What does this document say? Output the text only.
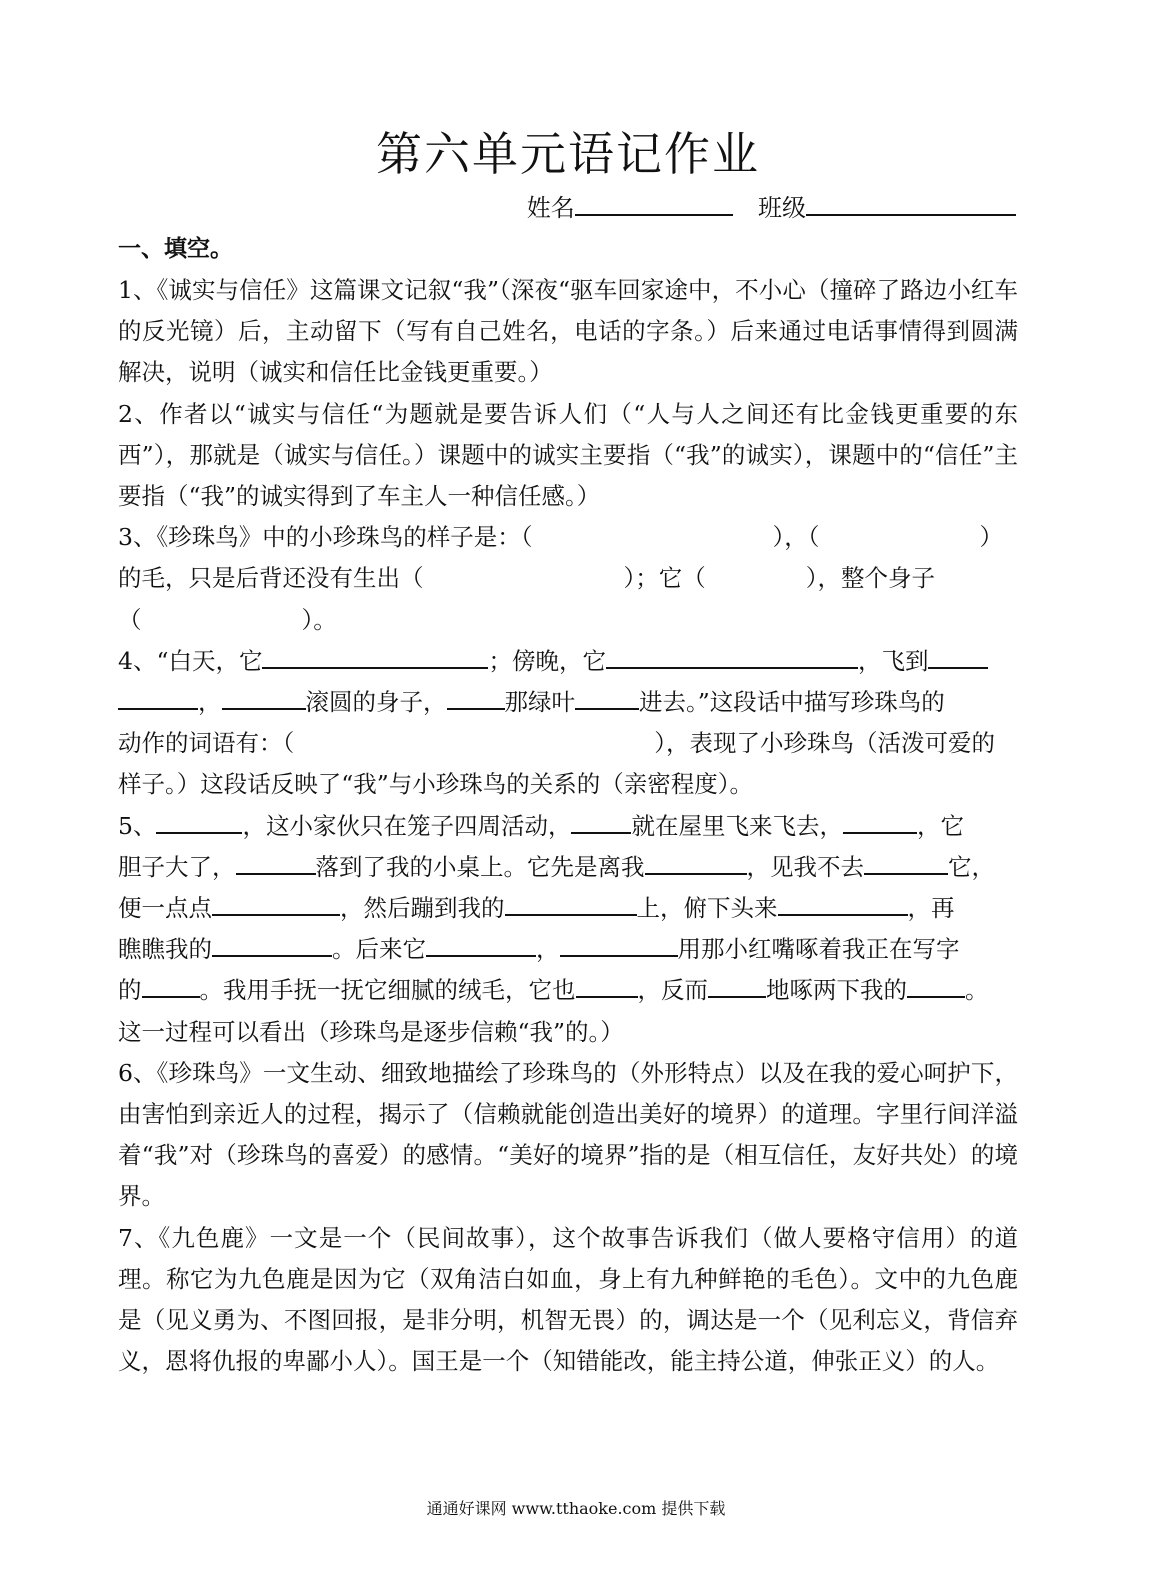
第六单元语记作业
姓名	班级
一、填空。

1、《诚实与信任》这篇课文记叙“我”（深夜“驱车回家途中，不小心（撞碎了路边小红车的反光镜）后，主动留下（写有自己姓名，电话的字条。）后来通过电话事情得到圆满解决，说明（诚实和信任比金钱更重要。）

2、作者以“诚实与信任“为题就是要告诉人们（“人与人之间还有比金钱更重要的东西”），那就是（诚实与信任。）课题中的诚实主要指（“我”的诚实），课题中的“信任”主要指（“我”的诚实得到了车主人一种信任感。）

3、《珍珠鸟》中的小珍珠鸟的样子是：（	），（	）
的毛，只是后背还没有生出（	）；它（	），整个身子
（	）。

4、“白天，它	；傍晚，它	，飞到
，	滚圆的身子， 那绿叶	进去。”这段话中描写珍珠鸟的
动作的词语有：（	），表现了小珍珠鸟（活泼可爱的
样子。）这段话反映了“我”与小珍珠鸟的关系的（亲密程度）。

5、	，这小家伙只在笼子四周活动，	就在屋里飞来飞去，	，它
胆子大了，	落到了我的小桌上。它先是离我	，见我不去	它，
便一点点	，然后蹦到我的	上，俯下头来	，再
瞧瞧我的	。后来它	，	用那小红嘴啄着我正在写字
的 。我用手抚一抚它细腻的绒毛，它也	，反而 地啄两下我的 。
这一过程可以看出（珍珠鸟是逐步信赖“我”的。）

6、《珍珠鸟》一文生动、细致地描绘了珍珠鸟的（外形特点）以及在我的爱心呵护下，由害怕到亲近人的过程，揭示了（信赖就能创造出美好的境界）的道理。字里行间洋溢着“我”对（珍珠鸟的喜爱）的感情。“美好的境界”指的是（相互信任，友好共处）的境界。

7、《九色鹿》一文是一个（民间故事），这个故事告诉我们（做人要格守信用）的道理。称它为九色鹿是因为它（双角洁白如血，身上有九种鲜艳的毛色）。文中的九色鹿是（见义勇为、不图回报，是非分明，机智无畏）的，调达是一个（见利忘义，背信弃义，恩将仇报的卑鄙小人）。国王是一个（知错能改，能主持公道，伸张正义）的人。

通通好课网 www.tthaoke.com 提供下载
